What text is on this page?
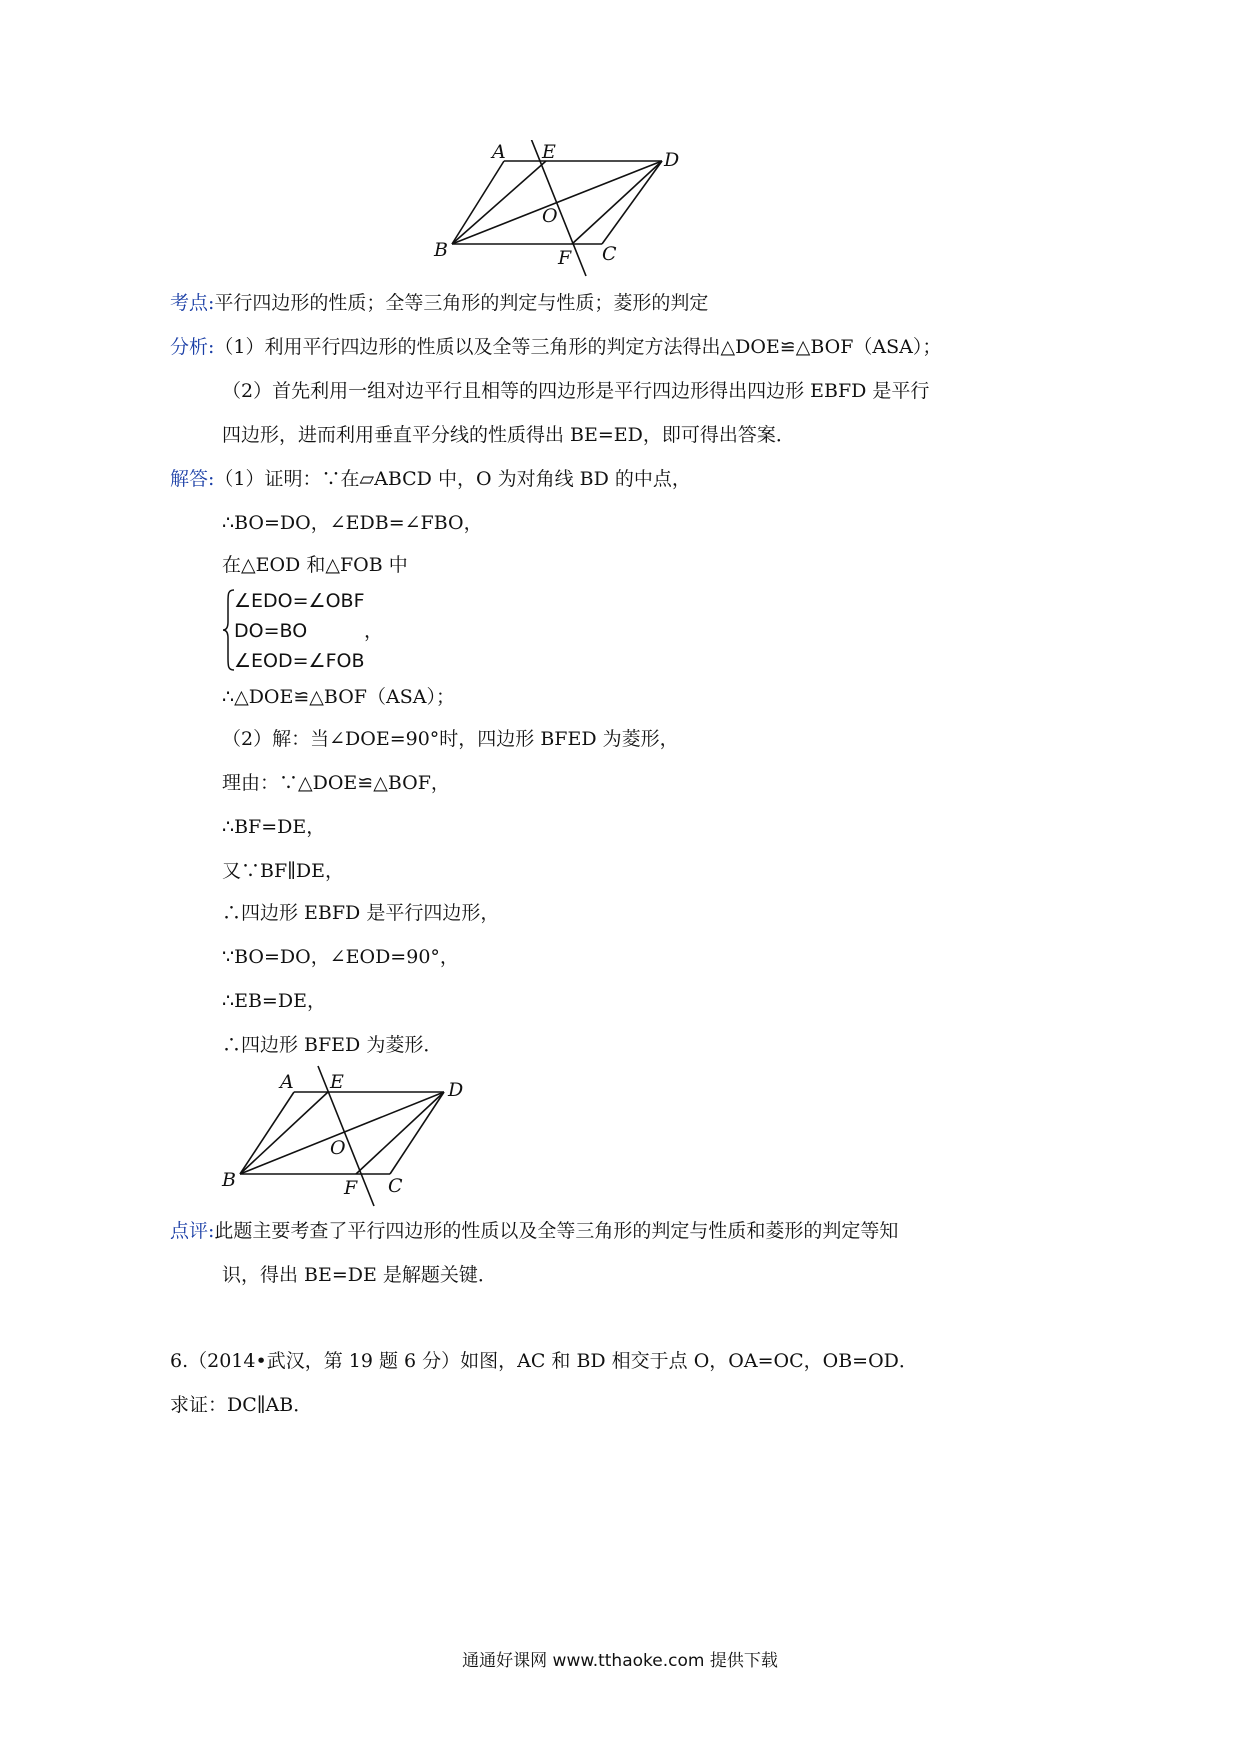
A E	D
O
B	F C
考点:平行四边形的性质；全等三角形的判定与性质；菱形的判定
分析:（1）利用平行四边形的性质以及全等三角形的判定方法得出△DOE≌△BOF（ASA）；
（2）首先利用一组对边平行且相等的四边形是平行四边形得出四边形 EBFD 是平行
四边形，进而利用垂直平分线的性质得出 BE=ED，即可得出答案．
解答:（1）证明：∵在▱ABCD 中，O 为对角线 BD 的中点，
∴BO=DO，∠EDB=∠FBO，
在△EOD 和△FOB 中
∠EDO=∠OBF
DO=BO	，
∠EOD=∠FOB
∴△DOE≌△BOF（ASA）；
（2）解：当∠DOE=90°时，四边形 BFED 为菱形，
理由：∵△DOE≌△BOF，
∴BF=DE，
又∵BF∥DE，
∴四边形 EBFD 是平行四边形，
∵BO=DO，∠EOD=90°，
∴EB=DE，
∴四边形 BFED 为菱形．
A E	D
O
B	F C
点评:此题主要考查了平行四边形的性质以及全等三角形的判定与性质和菱形的判定等知
识，得出 BE=DE 是解题关键．
6.（2014•武汉，第 19 题 6 分）如图，AC 和 BD 相交于点 O，OA=OC，OB=OD．
求证：DC∥AB．
通通好课网 www.tthaoke.com 提供下载
